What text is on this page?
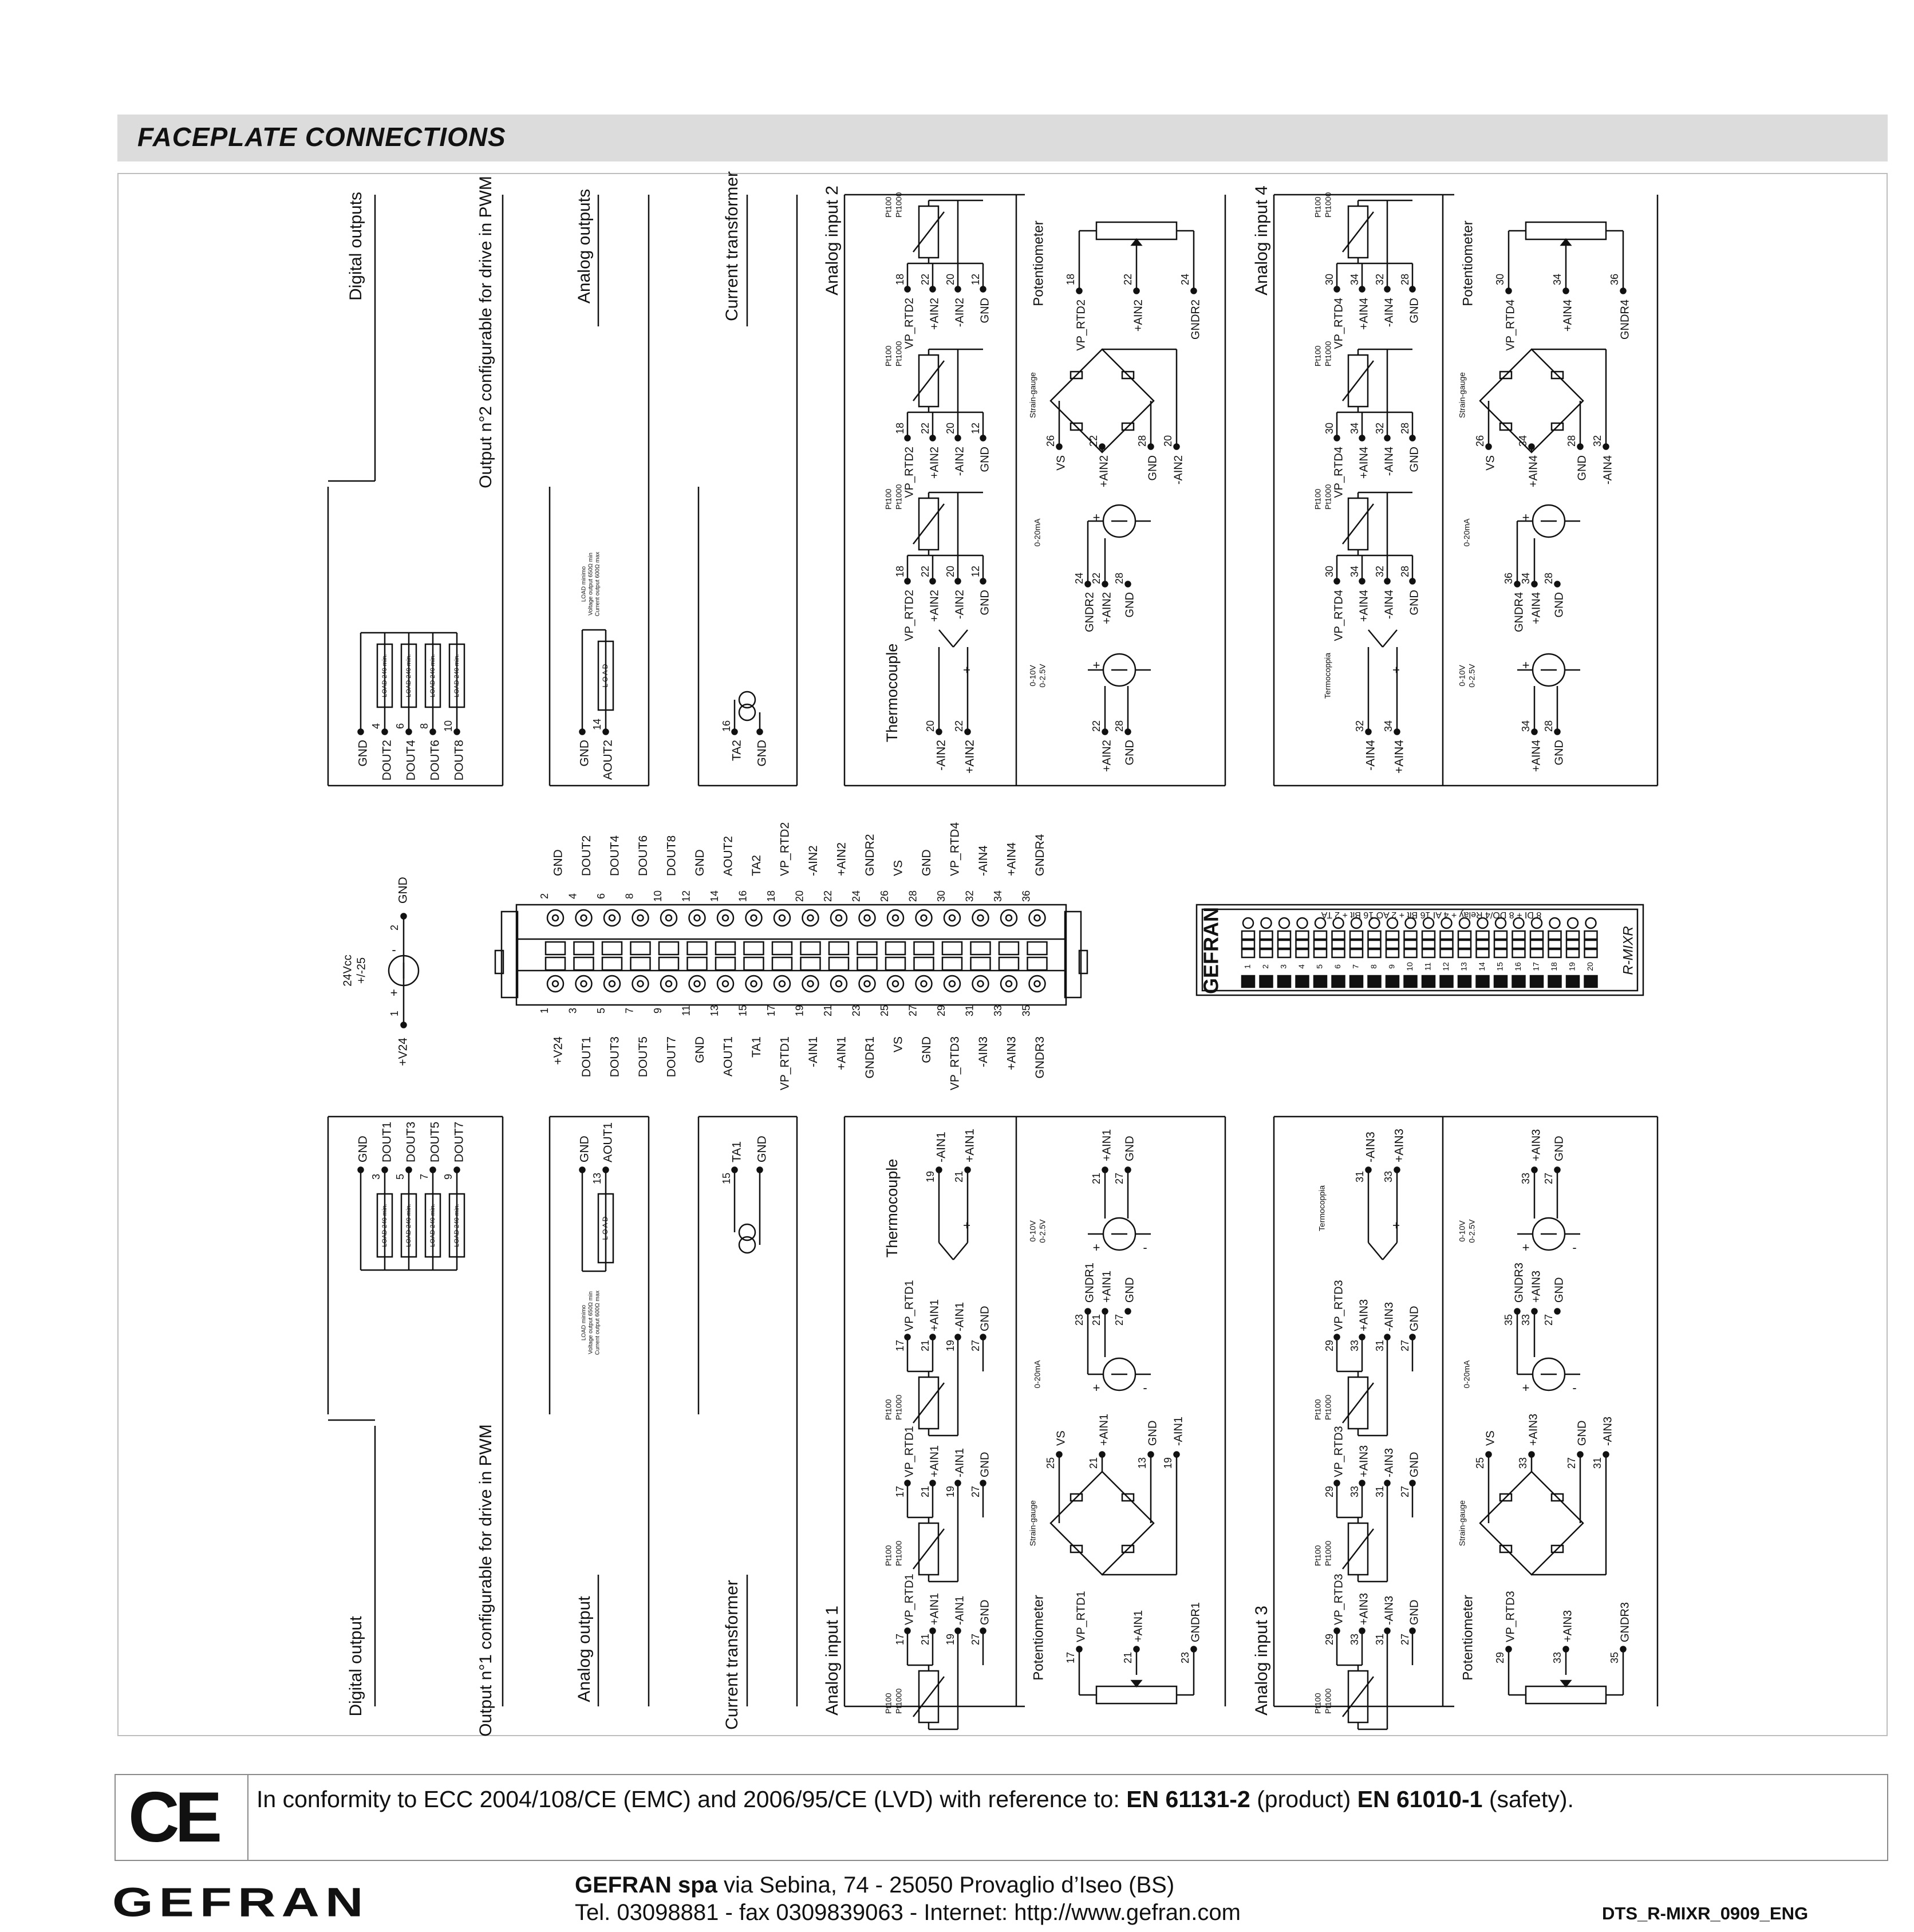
FACEPLATE CONNECTIONS
Digital outputs	Output n°2 configurable for drive in PWM	Analog outputs	Current transformer	Analog input 2	Analog input 4
GND
4
DOUT2
LOAD 240 min.
6
DOUT4
LOAD 240 min.
8
DOUT6
LOAD 240 min.
10
DOUT8
LOAD 240 min.	L O A D
LOAD minimo Voltage output 650Ω min Current output 600Ω max
14
GND AOUT2
16
TA2 GND
Pt100 Pt1000
18
VP_RTD2
22
+AIN2
20
-AIN2
12
GND
Pt100 Pt1000
18
VP_RTD2
22
+AIN2
20
-AIN2
12
GND
Pt100 Pt1000
18
VP_RTD2
22
+AIN2
20
-AIN2
12
GND
- +
Thermocouple 20 22
-AIN2 +AIN2
Potentiometer 18
VP_RTD2
22
+AIN2
24
GNDR2
Strain-gauge
26
VS
22
+AIN2
28
GND
20
-AIN2
0-20mA
+
24
GNDR2
22
+AIN2
28
GND
0-10V 0-2.5V	+
22
+AIN2
28
GND
Pt100 Pt1000
30
VP_RTD4
34
+AIN4
32
-AIN4
28
GND
Pt100 Pt1000
30
VP_RTD4
34
+AIN4
32
-AIN4
28
GND
Pt100 Pt1000
30
VP_RTD4
34
+AIN4
32
-AIN4
28
GND
- +
Termocoppia
32 34
-AIN4 +AIN4
Potentiometer 30
VP_RTD4
34
+AIN4
36
GNDR4
Strain-gauge
26
VS
34
+AIN4
28
GND
32
-AIN4
0-20mA
+
36
GNDR4
34
+AIN4
28
GND
0-10V 0-2.5V	+
34
+AIN4
28
GND
Digital output	Output n°1 configurable for drive in PWM	Analog output	Current transformer	Analog input 1	Analog input 3
GND
3
DOUT1
LOAD 240 min.
5
DOUT3
LOAD 240 min.
7
DOUT5
LOAD 240 min.
9
DOUT7
LOAD 240 min.	L O A D
LOAD minimo Voltage output 650Ω min Current output 600Ω max
13
GND AOUT1
15
TA1 GND
Pt100 Pt1000
17
VP_RTD1
21
+AIN1
19
-AIN1
27
GND
Pt100 Pt1000
17
VP_RTD1
21
+AIN1
19
-AIN1
27
GND
Pt100 Pt1000
17
VP_RTD1
21
+AIN1
19
-AIN1
27
GND
Pt100 Pt1000
29
VP_RTD3
33
+AIN3
31
-AIN3
27
GND
Pt100 Pt1000
29
VP_RTD3
33
+AIN3
31
-AIN3
27
GND
Pt100 Pt1000
29
VP_RTD3
33
+AIN3
31
-AIN3
27
GND
- +
Thermocouple 19 21
-AIN1 +AIN1
- +
Termocoppia
31 33
-AIN3 +AIN3
Potentiometer 17
VP_RTD1
21
+AIN1
23
GNDR1	Potentiometer 29
VP_RTD3
33
+AIN3
35
GNDR3
Strain-gauge
25
VS
21
+AIN1
13
GND
19
-AIN1
Strain-gauge
25
VS
33
+AIN3
27
GND
31
-AIN3
0-20mA
23
GNDR1
21
+AIN1
27
GND
+	-	0-20mA
35
GNDR3
33
+AIN3
27
GND
+	-
0-10V 0-2.5V
21
+AIN1
27
GND
+	-
0-10V 0-2.5V
33
+AIN3
27
GND
+	-
24Vcc +/-25
+
-
1
+V24
2
GND	2
GND
1
+V24
4
DOUT2
3
DOUT1
6
DOUT4
5
DOUT3
8
DOUT6
7
DOUT5
10
DOUT8
9
DOUT7
12
GND
11
GND
14
AOUT2
13
AOUT1
16
TA2
15
TA1
18
VP_RTD2
17
VP_RTD1
20
-AIN2
19
-AIN1
22
+AIN2
21
+AIN1
24
GNDR2
23
GNDR1
26
VS
25
VS
28
GND
27
GND
30
VP_RTD4
29
VP_RTD3
32
-AIN4
31
-AIN3
34
+AIN4
33
+AIN3
36
GNDR4
35
GNDR3
GEFRAN	R-MIXR
8 DI + 8 DO/4 Relay + 4 AI 16 Bit + 2 AO 16 Bit + 2 TA
1 2 3 4 5 6 7 8 9 10 11 12 13 14 15 16 17 18 19 20
CE In conformity to ECC 2004/108/CE (EMC) and 2006/95/CE (LVD) with reference to: EN 61131-2 (product) EN 61010-1 (safety).
GEFRAN	GEFRAN spa via Sebina, 74 - 25050 Provaglio d’Iseo (BS)
Tel. 03098881 - fax 0309839063 - Internet: http://www.gefran.com	DTS_R-MIXR_0909_ENG
